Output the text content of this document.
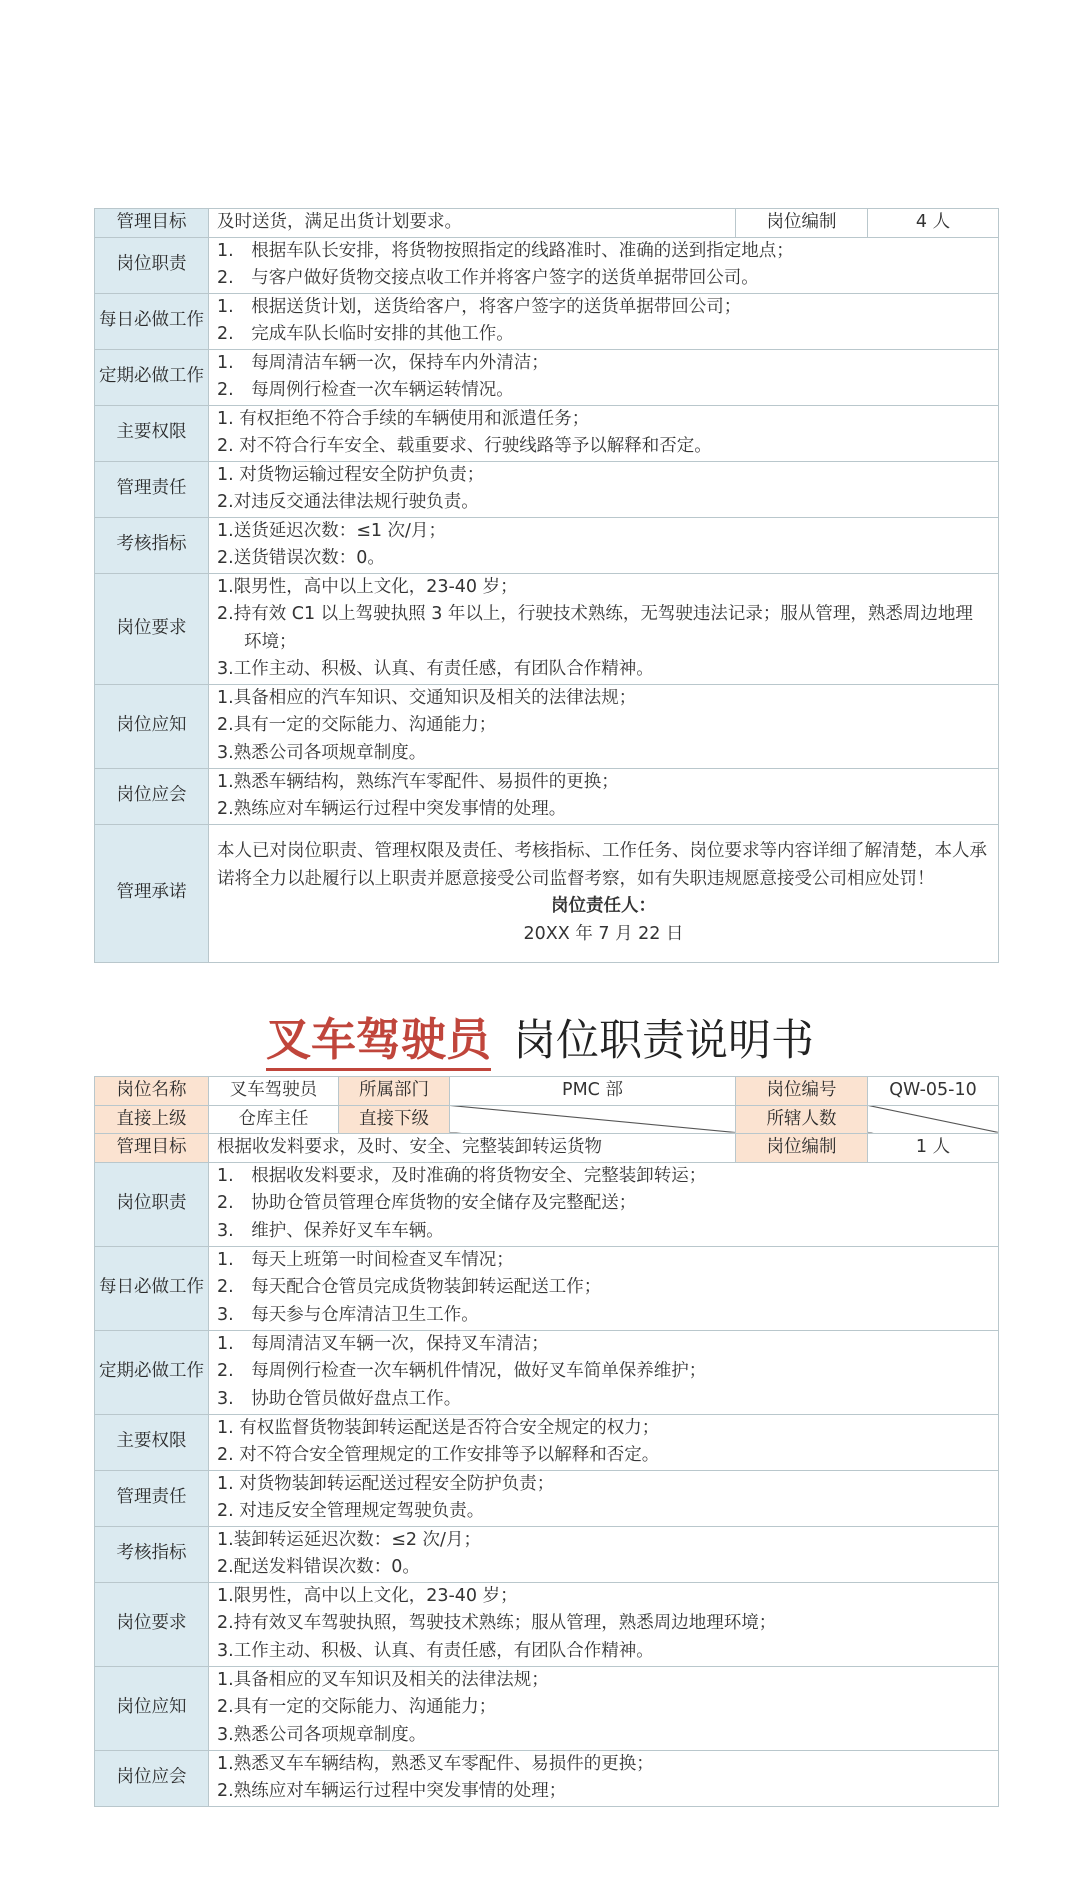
管理目标	及时送货，满足出货计划要求。	岗位编制	4 人
岗位职责	1.　根据车队长安排，将货物按照指定的线路准时、准确的送到指定地点；
2.　与客户做好货物交接点收工作并将客户签字的送货单据带回公司。		

每日必做工作	1.　根据送货计划，送货给客户，将客户签字的送货单据带回公司；
2.　完成车队长临时安排的其他工作。		

定期必做工作	1.　每周清洁车辆一次，保持车内外清洁；
2.　每周例行检查一次车辆运转情况。		

主要权限	1. 有权拒绝不符合手续的车辆使用和派遣任务；
2. 对不符合行车安全、载重要求、行驶线路等予以解释和否定。		

管理责任	1. 对货物运输过程安全防护负责；
2.对违反交通法律法规行驶负责。		

考核指标	1.送货延迟次数：≤1 次/月；
2.送货错误次数：0。		

岗位要求	1.限男性，高中以上文化，23-40 岁；
2.持有效 C1 以上驾驶执照 3 年以上，行驶技术熟练，无驾驶违法记录；服从管理，熟悉周边地理环境；
3.工作主动、积极、认真、有责任感，有团队合作精神。		

岗位应知	1.具备相应的汽车知识、交通知识及相关的法律法规；
2.具有一定的交际能力、沟通能力；
3.熟悉公司各项规章制度。		

岗位应会	1.熟悉车辆结构，熟练汽车零配件、易损件的更换；
2.熟练应对车辆运行过程中突发事情的处理。		

管理承诺	本人已对岗位职责、管理权限及责任、考核指标、工作任务、岗位要求等内容详细了解清楚，本人承诺将全力以赴履行以上职责并愿意接受公司监督考察，如有失职违规愿意接受公司相应处罚！
岗位责任人：
20XX 年 7 月 22 日		
叉车驾驶员 岗位职责说明书
岗位名称	叉车驾驶员	所属部门	PMC 部	岗位编号	QW-05-10
直接上级	仓库主任	直接下级		所辖人数	
管理目标	根据收发料要求，及时、安全、完整装卸转运货物			岗位编制	1 人
岗位职责	1.　根据收发料要求，及时准确的将货物安全、完整装卸转运；
2.　协助仓管员管理仓库货物的安全储存及完整配送；
3.　维护、保养好叉车车辆。				

每日必做工作	1.　每天上班第一时间检查叉车情况；
2.　每天配合仓管员完成货物装卸转运配送工作；
3.　每天参与仓库清洁卫生工作。				

定期必做工作	1.　每周清洁叉车辆一次，保持叉车清洁；
2.　每周例行检查一次车辆机件情况，做好叉车简单保养维护；
3.　协助仓管员做好盘点工作。				

主要权限	1. 有权监督货物装卸转运配送是否符合安全规定的权力；
2. 对不符合安全管理规定的工作安排等予以解释和否定。				

管理责任	1. 对货物装卸转运配送过程安全防护负责；
2. 对违反安全管理规定驾驶负责。				

考核指标	1.装卸转运延迟次数：≤2 次/月；
2.配送发料错误次数：0。				

岗位要求	1.限男性，高中以上文化，23-40 岁；
2.持有效叉车驾驶执照，驾驶技术熟练；服从管理，熟悉周边地理环境；
3.工作主动、积极、认真、有责任感，有团队合作精神。				

岗位应知	1.具备相应的叉车知识及相关的法律法规；
2.具有一定的交际能力、沟通能力；
3.熟悉公司各项规章制度。				

岗位应会	1.熟悉叉车车辆结构，熟悉叉车零配件、易损件的更换；
2.熟练应对车辆运行过程中突发事情的处理；				
